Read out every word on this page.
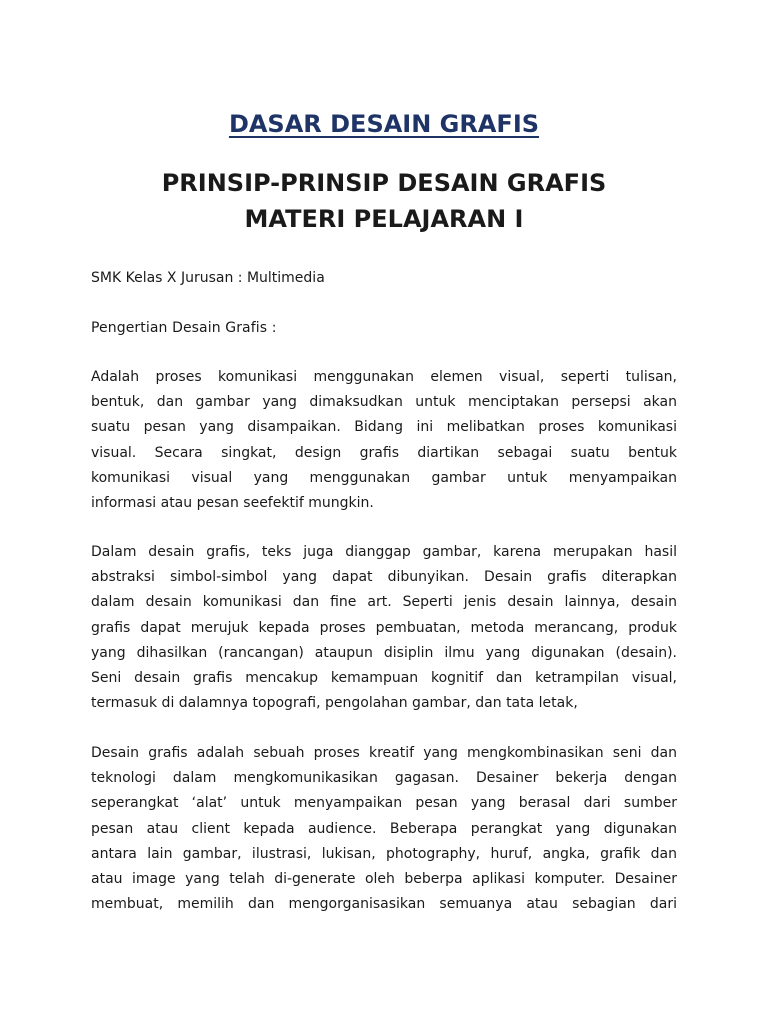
DASAR DESAIN GRAFIS
PRINSIP-PRINSIP DESAIN GRAFIS
MATERI PELAJARAN I

SMK Kelas X Jurusan : Multimedia

Pengertian Desain Grafis :

Adalah proses komunikasi menggunakan elemen visual, seperti tulisan,
bentuk, dan gambar yang dimaksudkan untuk menciptakan persepsi akan
suatu pesan yang disampaikan. Bidang ini melibatkan proses komunikasi
visual. Secara singkat, design grafis diartikan sebagai suatu bentuk
komunikasi visual yang menggunakan gambar untuk menyampaikan
informasi atau pesan seefektif mungkin.

Dalam desain grafis, teks juga dianggap gambar, karena merupakan hasil
abstraksi simbol-simbol yang dapat dibunyikan. Desain grafis diterapkan
dalam desain komunikasi dan fine art. Seperti jenis desain lainnya, desain
grafis dapat merujuk kepada proses pembuatan, metoda merancang, produk
yang dihasilkan (rancangan) ataupun disiplin ilmu yang digunakan (desain).
Seni desain grafis mencakup kemampuan kognitif dan ketrampilan visual,
termasuk di dalamnya topografi, pengolahan gambar, dan tata letak,

Desain grafis adalah sebuah proses kreatif yang mengkombinasikan seni dan
teknologi dalam mengkomunikasikan gagasan. Desainer bekerja dengan
seperangkat ‘alat’ untuk menyampaikan pesan yang berasal dari sumber
pesan atau client kepada audience. Beberapa perangkat yang digunakan
antara lain gambar, ilustrasi, lukisan, photography, huruf, angka, grafik dan
atau image yang telah di-generate oleh beberpa aplikasi komputer. Desainer
membuat, memilih dan mengorganisasikan semuanya atau sebagian dari
